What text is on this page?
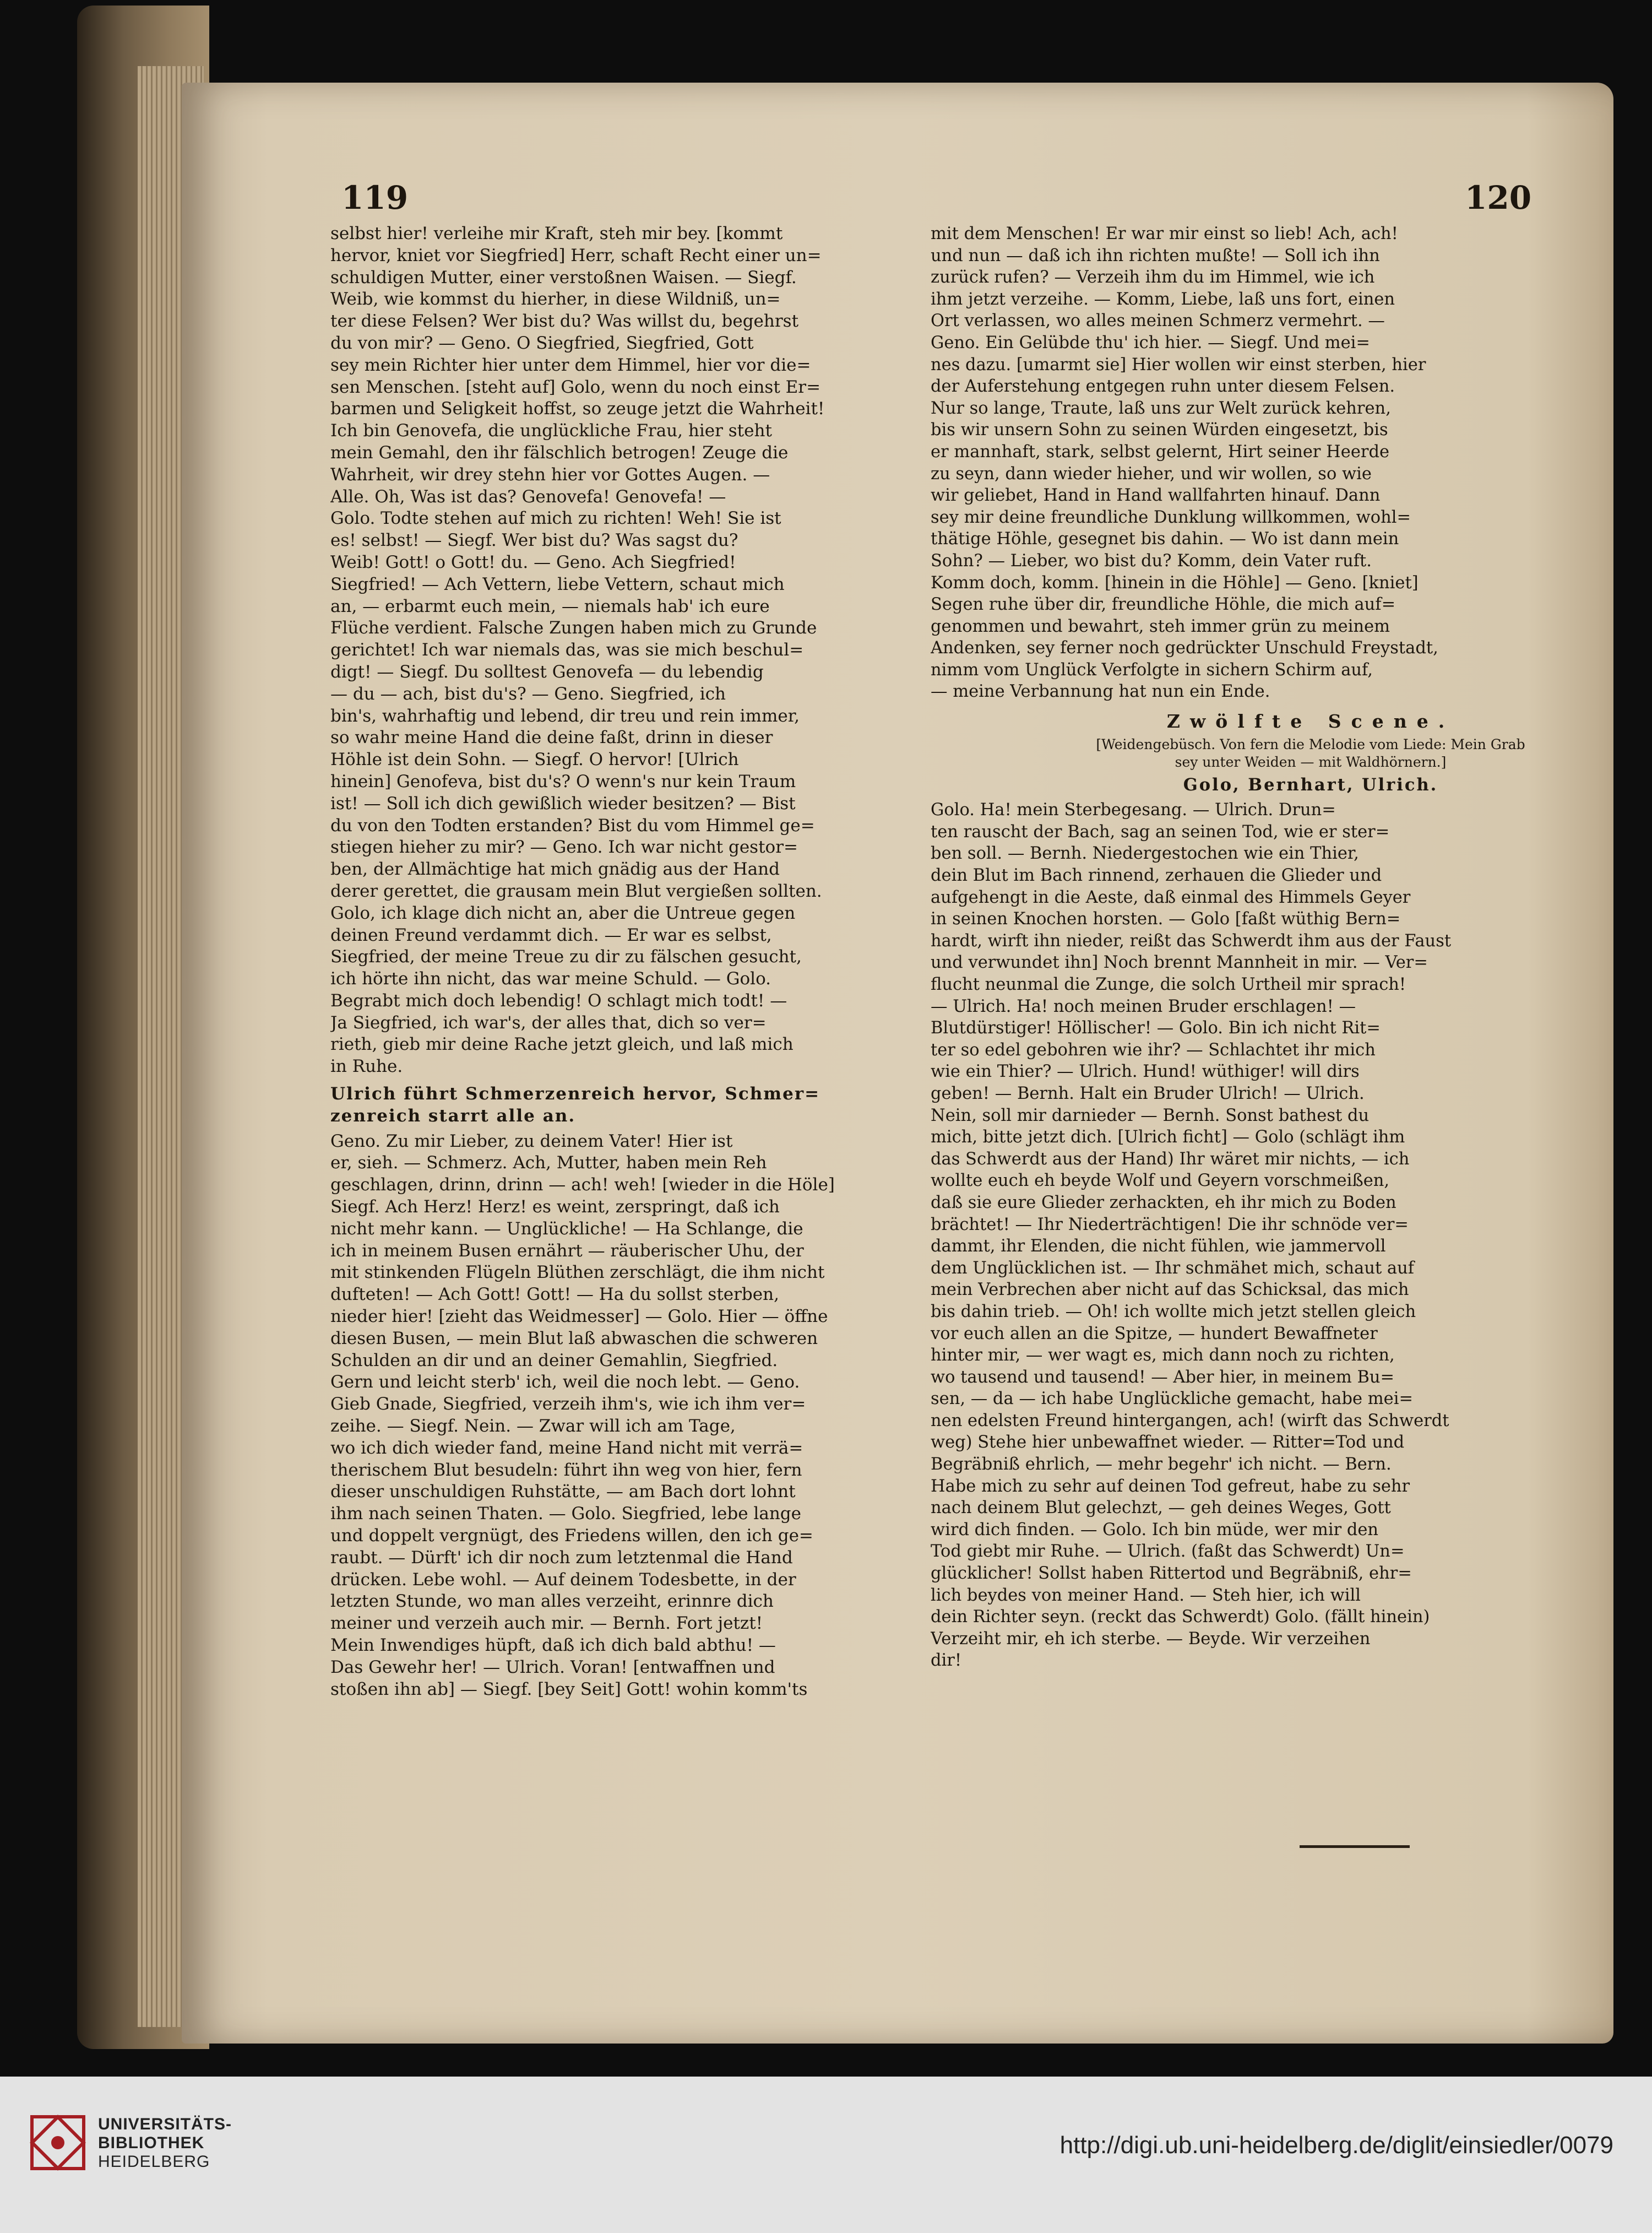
119	120
selbst hier! verleihe mir Kraft, steh mir bey. [kommt
hervor, kniet vor Siegfried] Herr, schaft Recht einer un=
schuldigen Mutter, einer verstoßnen Waisen. — Siegf.
Weib, wie kommst du hierher, in diese Wildniß, un=
ter diese Felsen? Wer bist du? Was willst du, begehrst
du von mir? — Geno. O Siegfried, Siegfried, Gott
sey mein Richter hier unter dem Himmel, hier vor die=
sen Menschen. [steht auf] Golo, wenn du noch einst Er=
barmen und Seligkeit hoffst, so zeuge jetzt die Wahrheit!
Ich bin Genovefa, die unglückliche Frau, hier steht
mein Gemahl, den ihr fälschlich betrogen! Zeuge die
Wahrheit, wir drey stehn hier vor Gottes Augen. —
Alle. Oh, Was ist das? Genovefa! Genovefa! —
Golo. Todte stehen auf mich zu richten! Weh! Sie ist
es! selbst! — Siegf. Wer bist du? Was sagst du?
Weib! Gott! o Gott! du. — Geno. Ach Siegfried!
Siegfried! — Ach Vettern, liebe Vettern, schaut mich
an, — erbarmt euch mein, — niemals hab' ich eure
Flüche verdient. Falsche Zungen haben mich zu Grunde
gerichtet! Ich war niemals das, was sie mich beschul=
digt! — Siegf. Du solltest Genovefa — du lebendig
— du — ach, bist du's? — Geno. Siegfried, ich
bin's, wahrhaftig und lebend, dir treu und rein immer,
so wahr meine Hand die deine faßt, drinn in dieser
Höhle ist dein Sohn. — Siegf. O hervor! [Ulrich
hinein] Genofeva, bist du's? O wenn's nur kein Traum
ist! — Soll ich dich gewißlich wieder besitzen? — Bist
du von den Todten erstanden? Bist du vom Himmel ge=
stiegen hieher zu mir? — Geno. Ich war nicht gestor=
ben, der Allmächtige hat mich gnädig aus der Hand
derer gerettet, die grausam mein Blut vergießen sollten.
Golo, ich klage dich nicht an, aber die Untreue gegen
deinen Freund verdammt dich. — Er war es selbst,
Siegfried, der meine Treue zu dir zu fälschen gesucht,
ich hörte ihn nicht, das war meine Schuld. — Golo.
Begrabt mich doch lebendig! O schlagt mich todt! —
Ja Siegfried, ich war's, der alles that, dich so ver=
rieth, gieb mir deine Rache jetzt gleich, und laß mich
in Ruhe.
Ulrich führt Schmerzenreich hervor, Schmer=
zenreich starrt alle an.
Geno. Zu mir Lieber, zu deinem Vater! Hier ist
er, sieh. — Schmerz. Ach, Mutter, haben mein Reh
geschlagen, drinn, drinn — ach! weh! [wieder in die Höle]
Siegf. Ach Herz! Herz! es weint, zerspringt, daß ich
nicht mehr kann. — Unglückliche! — Ha Schlange, die
ich in meinem Busen ernährt — räuberischer Uhu, der
mit stinkenden Flügeln Blüthen zerschlägt, die ihm nicht
dufteten! — Ach Gott! Gott! — Ha du sollst sterben,
nieder hier! [zieht das Weidmesser] — Golo. Hier — öffne
diesen Busen, — mein Blut laß abwaschen die schweren
Schulden an dir und an deiner Gemahlin, Siegfried.
Gern und leicht sterb' ich, weil die noch lebt. — Geno.
Gieb Gnade, Siegfried, verzeih ihm's, wie ich ihm ver=
zeihe. — Siegf. Nein. — Zwar will ich am Tage,
wo ich dich wieder fand, meine Hand nicht mit verrä=
therischem Blut besudeln: führt ihn weg von hier, fern
dieser unschuldigen Ruhstätte, — am Bach dort lohnt
ihm nach seinen Thaten. — Golo. Siegfried, lebe lange
und doppelt vergnügt, des Friedens willen, den ich ge=
raubt. — Dürft' ich dir noch zum letztenmal die Hand
drücken. Lebe wohl. — Auf deinem Todesbette, in der
letzten Stunde, wo man alles verzeiht, erinnre dich
meiner und verzeih auch mir. — Bernh. Fort jetzt!
Mein Inwendiges hüpft, daß ich dich bald abthu! —
Das Gewehr her! — Ulrich. Voran! [entwaffnen und
stoßen ihn ab] — Siegf. [bey Seit] Gott! wohin komm'ts
mit dem Menschen! Er war mir einst so lieb! Ach, ach!
und nun — daß ich ihn richten mußte! — Soll ich ihn
zurück rufen? — Verzeih ihm du im Himmel, wie ich
ihm jetzt verzeihe. — Komm, Liebe, laß uns fort, einen
Ort verlassen, wo alles meinen Schmerz vermehrt. —
Geno. Ein Gelübde thu' ich hier. — Siegf. Und mei=
nes dazu. [umarmt sie] Hier wollen wir einst sterben, hier
der Auferstehung entgegen ruhn unter diesem Felsen.
Nur so lange, Traute, laß uns zur Welt zurück kehren,
bis wir unsern Sohn zu seinen Würden eingesetzt, bis
er mannhaft, stark, selbst gelernt, Hirt seiner Heerde
zu seyn, dann wieder hieher, und wir wollen, so wie
wir geliebet, Hand in Hand wallfahrten hinauf. Dann
sey mir deine freundliche Dunklung willkommen, wohl=
thätige Höhle, gesegnet bis dahin. — Wo ist dann mein
Sohn? — Lieber, wo bist du? Komm, dein Vater ruft.
Komm doch, komm. [hinein in die Höhle] — Geno. [kniet]
Segen ruhe über dir, freundliche Höhle, die mich auf=
genommen und bewahrt, steh immer grün zu meinem
Andenken, sey ferner noch gedrückter Unschuld Freystadt,
nimm vom Unglück Verfolgte in sichern Schirm auf,
— meine Verbannung hat nun ein Ende.
Zwölfte Scene.
[Weidengebüsch. Von fern die Melodie vom Liede: Mein Grab
sey unter Weiden — mit Waldhörnern.]
Golo, Bernhart, Ulrich.
Golo. Ha! mein Sterbegesang. — Ulrich. Drun=
ten rauscht der Bach, sag an seinen Tod, wie er ster=
ben soll. — Bernh. Niedergestochen wie ein Thier,
dein Blut im Bach rinnend, zerhauen die Glieder und
aufgehengt in die Aeste, daß einmal des Himmels Geyer
in seinen Knochen horsten. — Golo [faßt wüthig Bern=
hardt, wirft ihn nieder, reißt das Schwerdt ihm aus der Faust
und verwundet ihn] Noch brennt Mannheit in mir. — Ver=
flucht neunmal die Zunge, die solch Urtheil mir sprach!
— Ulrich. Ha! noch meinen Bruder erschlagen! —
Blutdürstiger! Höllischer! — Golo. Bin ich nicht Rit=
ter so edel gebohren wie ihr? — Schlachtet ihr mich
wie ein Thier? — Ulrich. Hund! wüthiger! will dirs
geben! — Bernh. Halt ein Bruder Ulrich! — Ulrich.
Nein, soll mir darnieder — Bernh. Sonst bathest du
mich, bitte jetzt dich. [Ulrich ficht] — Golo (schlägt ihm
das Schwerdt aus der Hand) Ihr wäret mir nichts, — ich
wollte euch eh beyde Wolf und Geyern vorschmeißen,
daß sie eure Glieder zerhackten, eh ihr mich zu Boden
brächtet! — Ihr Niederträchtigen! Die ihr schnöde ver=
dammt, ihr Elenden, die nicht fühlen, wie jammervoll
dem Unglücklichen ist. — Ihr schmähet mich, schaut auf
mein Verbrechen aber nicht auf das Schicksal, das mich
bis dahin trieb. — Oh! ich wollte mich jetzt stellen gleich
vor euch allen an die Spitze, — hundert Bewaffneter
hinter mir, — wer wagt es, mich dann noch zu richten,
wo tausend und tausend! — Aber hier, in meinem Bu=
sen, — da — ich habe Unglückliche gemacht, habe mei=
nen edelsten Freund hintergangen, ach! (wirft das Schwerdt
weg) Stehe hier unbewaffnet wieder. — Ritter=Tod und
Begräbniß ehrlich, — mehr begehr' ich nicht. — Bern.
Habe mich zu sehr auf deinen Tod gefreut, habe zu sehr
nach deinem Blut gelechzt, — geh deines Weges, Gott
wird dich finden. — Golo. Ich bin müde, wer mir den
Tod giebt mir Ruhe. — Ulrich. (faßt das Schwerdt) Un=
glücklicher! Sollst haben Rittertod und Begräbniß, ehr=
lich beydes von meiner Hand. — Steh hier, ich will
dein Richter seyn. (reckt das Schwerdt) Golo. (fällt hinein)
Verzeiht mir, eh ich sterbe. — Beyde. Wir verzeihen
dir!
UNIVERSITÄTS-
BIBLIOTHEK
HEIDELBERG
http://digi.ub.uni-heidelberg.de/diglit/einsiedler/0079
